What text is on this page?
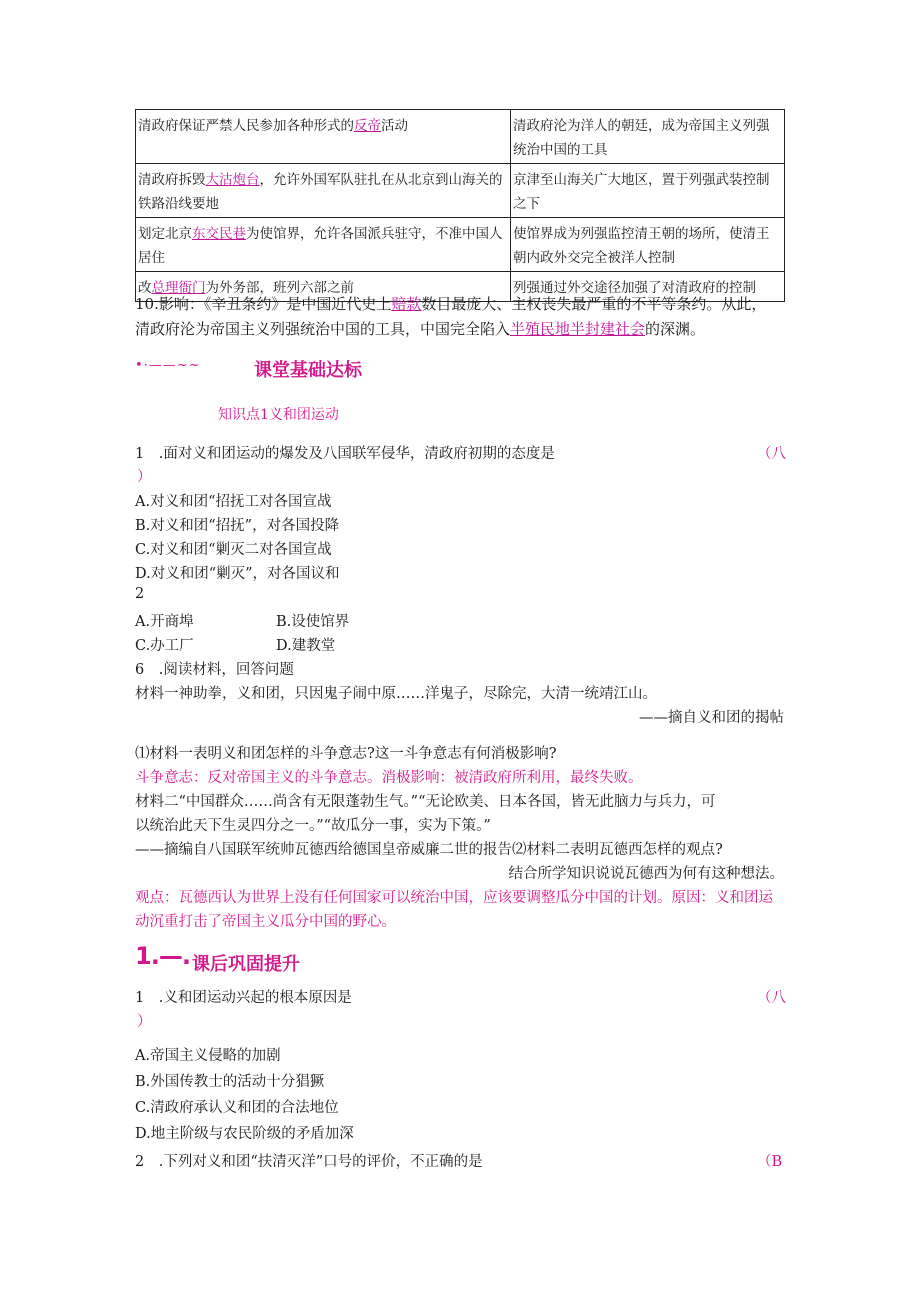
清政府保证严禁人民参加各种形式的反帝活动	清政府沦为洋人的朝廷，成为帝国主义列强统治中国的工具
清政府拆毁大沽炮台，允许外国军队驻扎在从北京到山海关的铁路沿线要地	京津至山海关广大地区，置于列强武装控制之下
划定北京东交民巷为使馆界，允许各国派兵驻守，不准中国人居住	使馆界成为列强监控清王朝的场所，使清王朝内政外交完全被洋人控制
改总理衙门为外务部，班列六部之前	列强通过外交途径加强了对清政府的控制
10.影响：《辛丑条约》是中国近代史上赔款数目最庞大、主权丧失最严重的不平等条约。从此，
清政府沦为帝国主义列强统治中国的工具，中国完全陷入半殖民地半封建社会的深渊。
•·——~~	课堂基础达标
知识点1义和团运动
1　.面对义和团运动的爆发及八国联军侵华，清政府初期的态度是	（八
）
A.对义和团“招抚工对各国宣战
B.对义和团“招抚”，对各国投降
C.对义和团“剿灭二对各国宣战
D.对义和团“剿灭”，对各国议和
2
A.开商埠	B.设使馆界
C.办工厂	D.建教堂
6　.阅读材料，回答问题
材料一神助拳，义和团，只因鬼子闹中原……洋鬼子，尽除完，大清一统靖江山。
——摘自义和团的揭帖
⑴材料一表明义和团怎样的斗争意志?这一斗争意志有何消极影响?
斗争意志：反对帝国主义的斗争意志。消极影响：被清政府所利用，最终失败。
材料二“中国群众……尚含有无限蓬勃生气。”“无论欧美、日本各国，皆无此脑力与兵力，可
以统治此天下生灵四分之一。”“故瓜分一事，实为下策。”
——摘编自八国联军统帅瓦德西给德国皇帝威廉二世的报告⑵材料二表明瓦德西怎样的观点?
结合所学知识说说瓦德西为何有这种想法。
观点：瓦德西认为世界上没有任何国家可以统治中国，应该要调整瓜分中国的计划。原因：义和团运
动沉重打击了帝国主义瓜分中国的野心。
1.—. 课后巩固提升
1　.义和团运动兴起的根本原因是	（八
）
A.帝国主义侵略的加剧
B.外国传教士的活动十分猖獗
C.清政府承认义和团的合法地位
D.地主阶级与农民阶级的矛盾加深
2　.下列对义和团“扶清灭洋”口号的评价，不正确的是	（B
